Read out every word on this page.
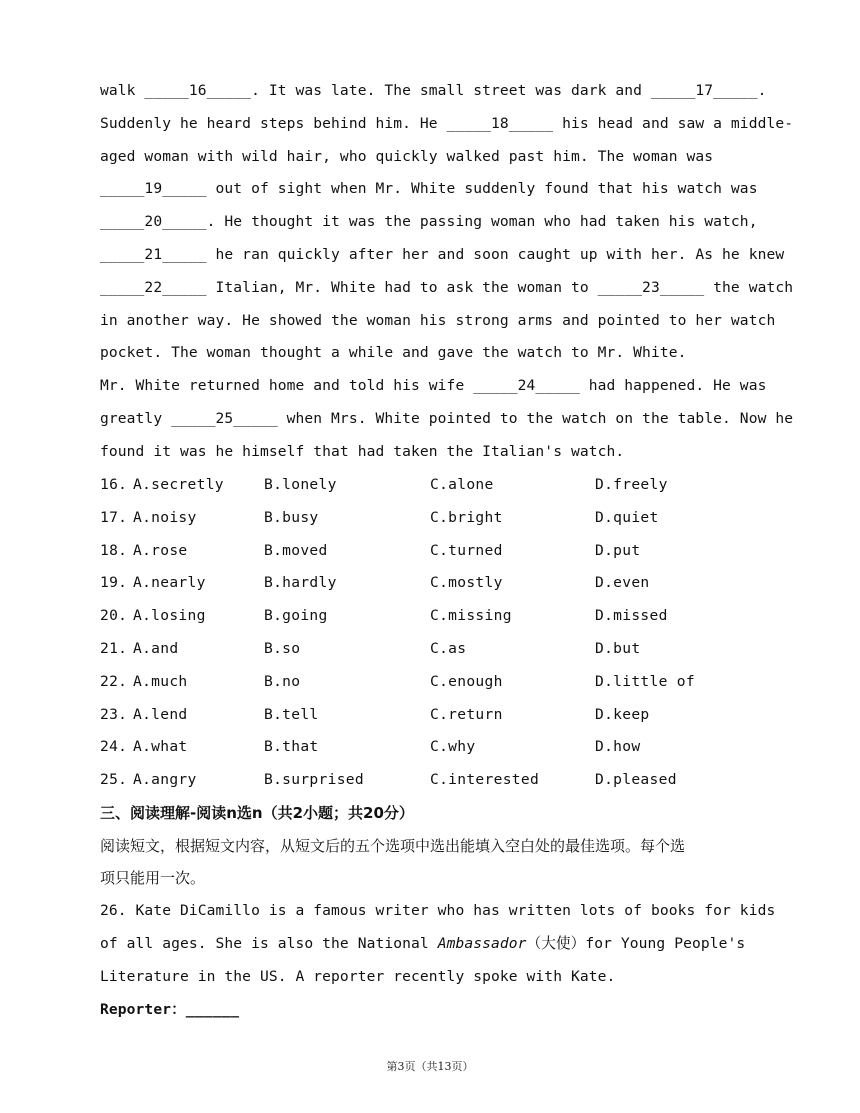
walk _____16_____. It was late. The small street was dark and _____17_____.
Suddenly he heard steps behind him. He _____18_____ his head and saw a middle-
aged woman with wild hair, who quickly walked past him. The woman was
_____19_____ out of sight when Mr. White suddenly found that his watch was
_____20_____. He thought it was the passing woman who had taken his watch,
_____21_____ he ran quickly after her and soon caught up with her. As he knew
_____22_____ Italian, Mr. White had to ask the woman to _____23_____ the watch
in another way. He showed the woman his strong arms and pointed to her watch
pocket. The woman thought a while and gave the watch to Mr. White.
Mr. White returned home and told his wife _____24_____ had happened. He was
greatly _____25_____ when Mrs. White pointed to the watch on the table. Now he
found it was he himself that had taken the Italian's watch.
16. A.secretly	B.lonely	C.alone	D.freely
17. A.noisy	B.busy	C.bright	D.quiet
18. A.rose	B.moved	C.turned	D.put
19. A.nearly	B.hardly	C.mostly	D.even
20. A.losing	B.going	C.missing	D.missed
21. A.and	B.so	C.as	D.but
22. A.much	B.no	C.enough	D.little of
23. A.lend	B.tell	C.return	D.keep
24. A.what	B.that	C.why	D.how
25. A.angry	B.surprised	C.interested	D.pleased
三、阅读理解-阅读n选n（共2小题；共20分）
阅读短文，根据短文内容，从短文后的五个选项中选出能填入空白处的最佳选项。每个选
项只能用一次。
26. Kate DiCamillo is a famous writer who has written lots of books for kids
of all ages. She is also the National Ambassador（大使）for Young People's
Literature in the US. A reporter recently spoke with Kate.
Reporter：______
第3页（共13页）
